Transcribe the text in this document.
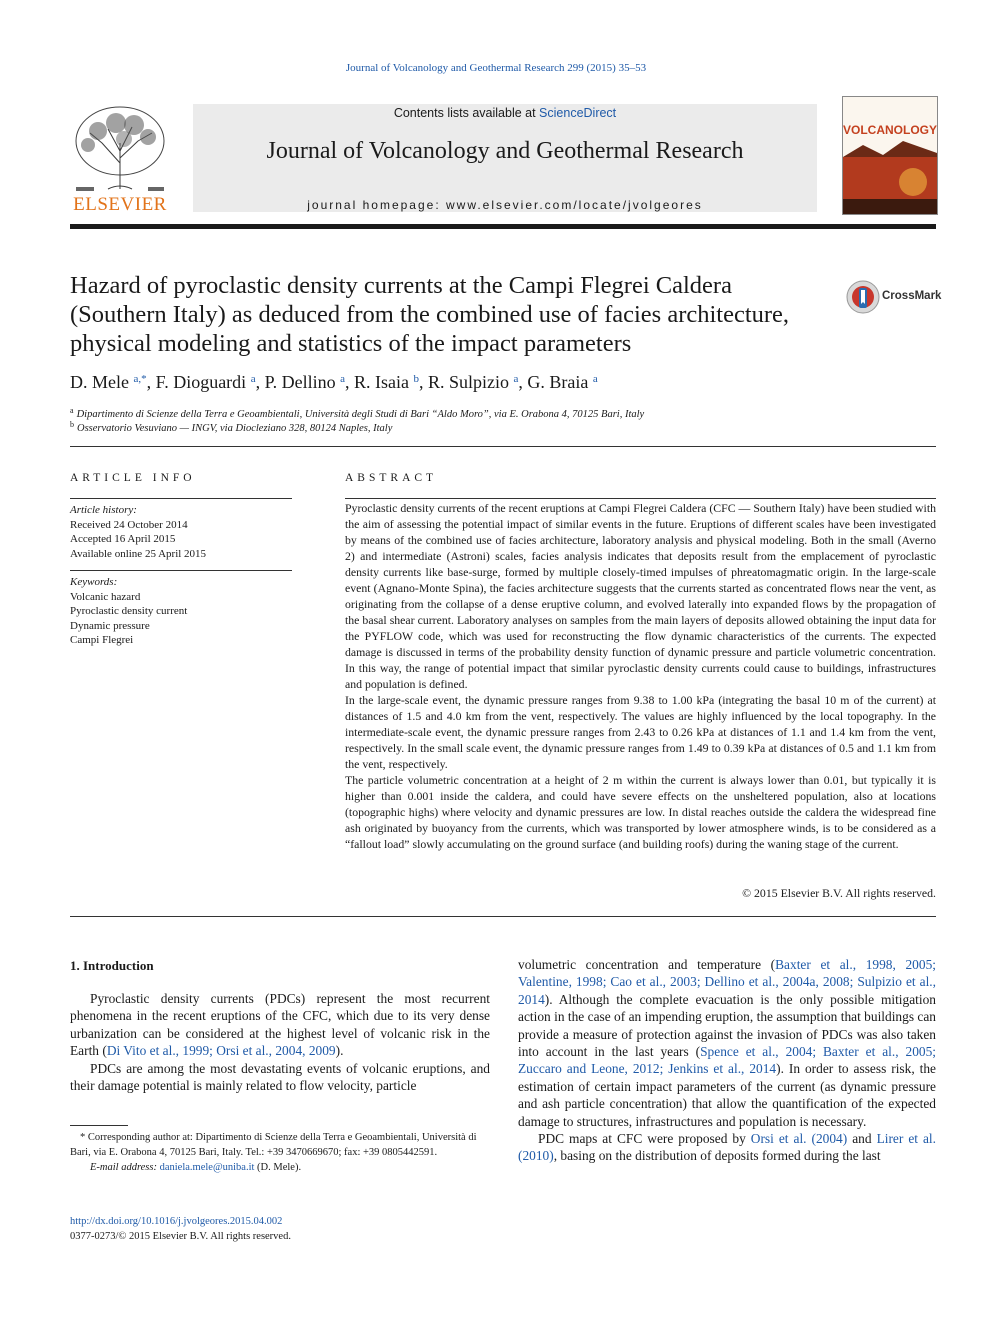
Journal of Volcanology and Geothermal Research 299 (2015) 35–53
ELSEVIER
Contents lists available at ScienceDirect
Journal of Volcanology and Geothermal Research
journal homepage: www.elsevier.com/locate/jvolgeores
VOLCANOLOGY
Hazard of pyroclastic density currents at the Campi Flegrei Caldera
(Southern Italy) as deduced from the combined use of facies architecture,
physical modeling and statistics of the impact parameters
CrossMark
D. Mele $^{a,*}$, F. Dioguardi $^a$, P. Dellino $^a$, R. Isaia $^b$, R. Sulpizio $^a$, G. Braia $^a$
$^a$ Dipartimento di Scienze della Terra e Geoambientali, Università degli Studi di Bari “Aldo Moro”, via E. Orabona 4, 70125 Bari, Italy
$^b$ Osservatorio Vesuviano — INGV, via Diocleziano 328, 80124 Naples, Italy
ARTICLE INFO
Article history:
Received 24 October 2014
Accepted 16 April 2015
Available online 25 April 2015
Keywords:
Volcanic hazard
Pyroclastic density current
Dynamic pressure
Campi Flegrei
ABSTRACT

Pyroclastic density currents of the recent eruptions at Campi Flegrei Caldera (CFC — Southern Italy) have been studied with the aim of assessing the potential impact of similar events in the future. Eruptions of different scales have been investigated by means of the combined use of facies architecture, laboratory analysis and physical modeling. Both in the small (Averno 2) and intermediate (Astroni) scales, facies analysis indicates that deposits result from the emplacement of pyroclastic density currents like base-surge, formed by multiple closely-timed impulses of phreatomagmatic origin. In the large-scale event (Agnano-Monte Spina), the facies architecture suggests that the currents started as concentrated flows near the vent, as originating from the collapse of a dense eruptive column, and evolved laterally into expanded flows by the propagation of the basal shear current. Laboratory analyses on samples from the main layers of deposits allowed obtaining the input data for the PYFLOW code, which was used for reconstructing the flow dynamic characteristics of the currents. The expected damage is discussed in terms of the probability density function of dynamic pressure and particle volumetric concentration. In this way, the range of potential impact that similar pyroclastic density currents could cause to buildings, infrastructures and population is defined.

In the large-scale event, the dynamic pressure ranges from 9.38 to 1.00 kPa (integrating the basal 10 m of the current) at distances of 1.5 and 4.0 km from the vent, respectively. The values are highly influenced by the local topography. In the intermediate-scale event, the dynamic pressure ranges from 2.43 to 0.26 kPa at distances of 1.1 and 1.4 km from the vent, respectively. In the small scale event, the dynamic pressure ranges from 1.49 to 0.39 kPa at distances of 0.5 and 1.1 km from the vent, respectively.

The particle volumetric concentration at a height of 2 m within the current is always lower than 0.01, but typically it is higher than 0.001 inside the caldera, and could have severe effects on the unsheltered population, also at locations (topographic highs) where velocity and dynamic pressures are low. In distal reaches outside the caldera the widespread fine ash originated by buoyancy from the currents, which was transported by lower atmosphere winds, is to be considered as a “fallout load” slowly accumulating on the ground surface (and building roofs) during the waning stage of the current.

© 2015 Elsevier B.V. All rights reserved.
1. Introduction

Pyroclastic density currents (PDCs) represent the most recurrent phenomena in the recent eruptions of the CFC, which due to its very dense urbanization can be considered at the highest level of volcanic risk in the Earth (Di Vito et al., 1999; Orsi et al., 2004, 2009).

PDCs are among the most devastating events of volcanic eruptions, and their damage potential is mainly related to flow velocity, particle

* Corresponding author at: Dipartimento di Scienze della Terra e Geoambientali, Università di Bari, via E. Orabona 4, 70125 Bari, Italy. Tel.: +39 3470669670; fax: +39 0805442591.
E-mail address: daniela.mele@uniba.it (D. Mele).
http://dx.doi.org/10.1016/j.jvolgeores.2015.04.002
0377-0273/© 2015 Elsevier B.V. All rights reserved.

volumetric concentration and temperature (Baxter et al., 1998, 2005; Valentine, 1998; Cao et al., 2003; Dellino et al., 2004a, 2008; Sulpizio et al., 2014). Although the complete evacuation is the only possible mitigation action in the case of an impending eruption, the assumption that buildings can provide a measure of protection against the invasion of PDCs was also taken into account in the last years (Spence et al., 2004; Baxter et al., 2005; Zuccaro and Leone, 2012; Jenkins et al., 2014). In order to assess risk, the estimation of certain impact parameters of the current (as dynamic pressure and ash particle concentration) that allow the quantification of the expected damage to structures, infrastructures and population is necessary.

PDC maps at CFC were proposed by Orsi et al. (2004) and Lirer et al. (2010), basing on the distribution of deposits formed during the last
